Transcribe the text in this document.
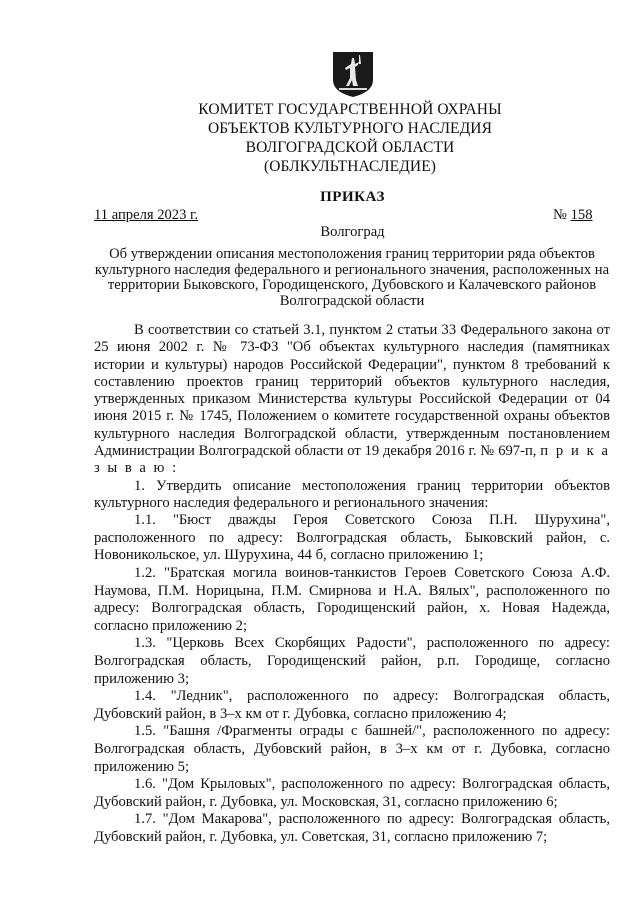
КОМИТЕТ ГОСУДАРСТВЕННОЙ ОХРАНЫ
ОБЪЕКТОВ КУЛЬТУРНОГО НАСЛЕДИЯ
ВОЛГОГРАДСКОЙ ОБЛАСТИ
(ОБЛКУЛЬТНАСЛЕДИЕ)
ПРИКАЗ
11 апреля 2023 г.	№ 158
Волгоград
Об утверждении описания местоположения границ территории ряда объектов культурного наследия федерального и регионального значения, расположенных на территории Быковского, Городищенского, Дубовского и Калачевского районов Волгоградской области

В соответствии со статьей 3.1, пунктом 2 статьи 33 Федерального закона от 25 июня 2002 г. № 73-ФЗ "Об объектах культурного наследия (памятниках истории и культуры) народов Российской Федерации", пунктом 8 требований к составлению проектов границ территорий объектов культурного наследия, утвержденных приказом Министерства культуры Российской Федерации от 04 июня 2015 г. № 1745, Положением о комитете государственной охраны объектов культурного наследия Волгоградской области, утвержденным постановлением Администрации Волгоградской области от 19 декабря 2016 г. № 697-п, п р и к а з ы в а ю :

1. Утвердить описание местоположения границ территории объектов культурного наследия федерального и регионального значения:

1.1. "Бюст дважды Героя Советского Союза П.Н. Шурухина", расположенного по адресу: Волгоградская область, Быковский район, с. Новоникольское, ул. Шурухина, 44 б, согласно приложению 1;

1.2. "Братская могила воинов-танкистов Героев Советского Союза А.Ф. Наумова, П.М. Норицына, П.М. Смирнова и Н.А. Вялых", расположенного по адресу: Волгоградская область, Городищенский район, х. Новая Надежда, согласно приложению 2;

1.3. "Церковь Всех Скорбящих Радости", расположенного по адресу: Волгоградская область, Городищенский район, р.п. Городище, согласно приложению 3;

1.4. "Ледник", расположенного по адресу: Волгоградская область, Дубовский район, в 3–х км от г. Дубовка, согласно приложению 4;

1.5. "Башня /Фрагменты ограды с башней/", расположенного по адресу: Волгоградская область, Дубовский район, в 3–х км от г. Дубовка, согласно приложению 5;

1.6. "Дом Крыловых", расположенного по адресу: Волгоградская область, Дубовский район, г. Дубовка, ул. Московская, 31, согласно приложению 6;

1.7. "Дом Макарова", расположенного по адресу: Волгоградская область, Дубовский район, г. Дубовка, ул. Советская, 31, согласно приложению 7;
